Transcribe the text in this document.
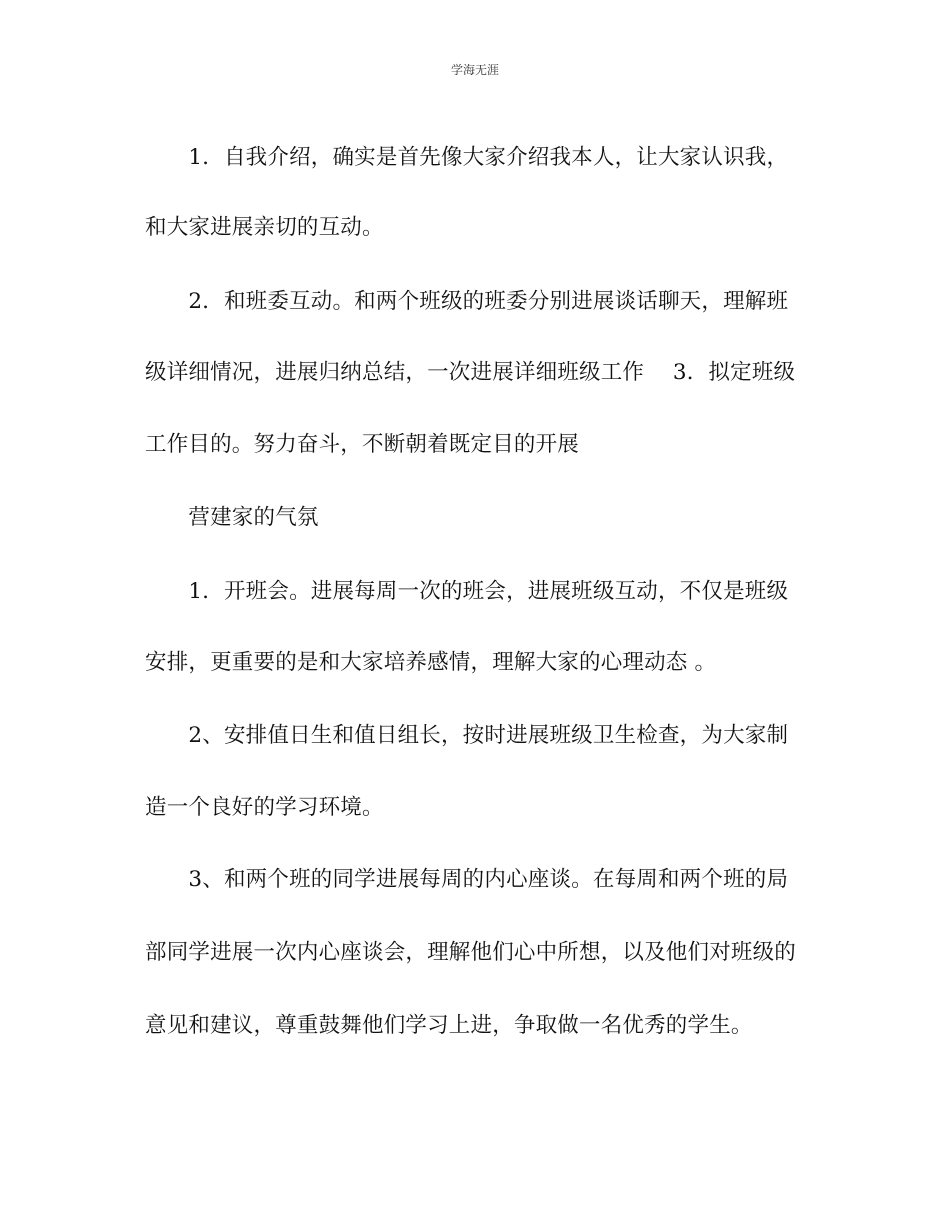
学海无涯
　　1．自我介绍，确实是首先像大家介绍我本人，让大家认识我，
和大家进展亲切的互动。
　　2．和班委互动。和两个班级的班委分别进展谈话聊天，理解班
级详细情况，进展归纳总结，一次进展详细班级工作　 3．拟定班级
工作目的。努力奋斗，不断朝着既定目的开展
　　营建家的气氛
　　1．开班会。进展每周一次的班会，进展班级互动，不仅是班级
安排，更重要的是和大家培养感情，理解大家的心理动态 。
　　2、安排值日生和值日组长，按时进展班级卫生检查，为大家制
造一个良好的学习环境。
　　3、和两个班的同学进展每周的内心座谈。在每周和两个班的局
部同学进展一次内心座谈会，理解他们心中所想，以及他们对班级的
意见和建议，尊重鼓舞他们学习上进，争取做一名优秀的学生。
